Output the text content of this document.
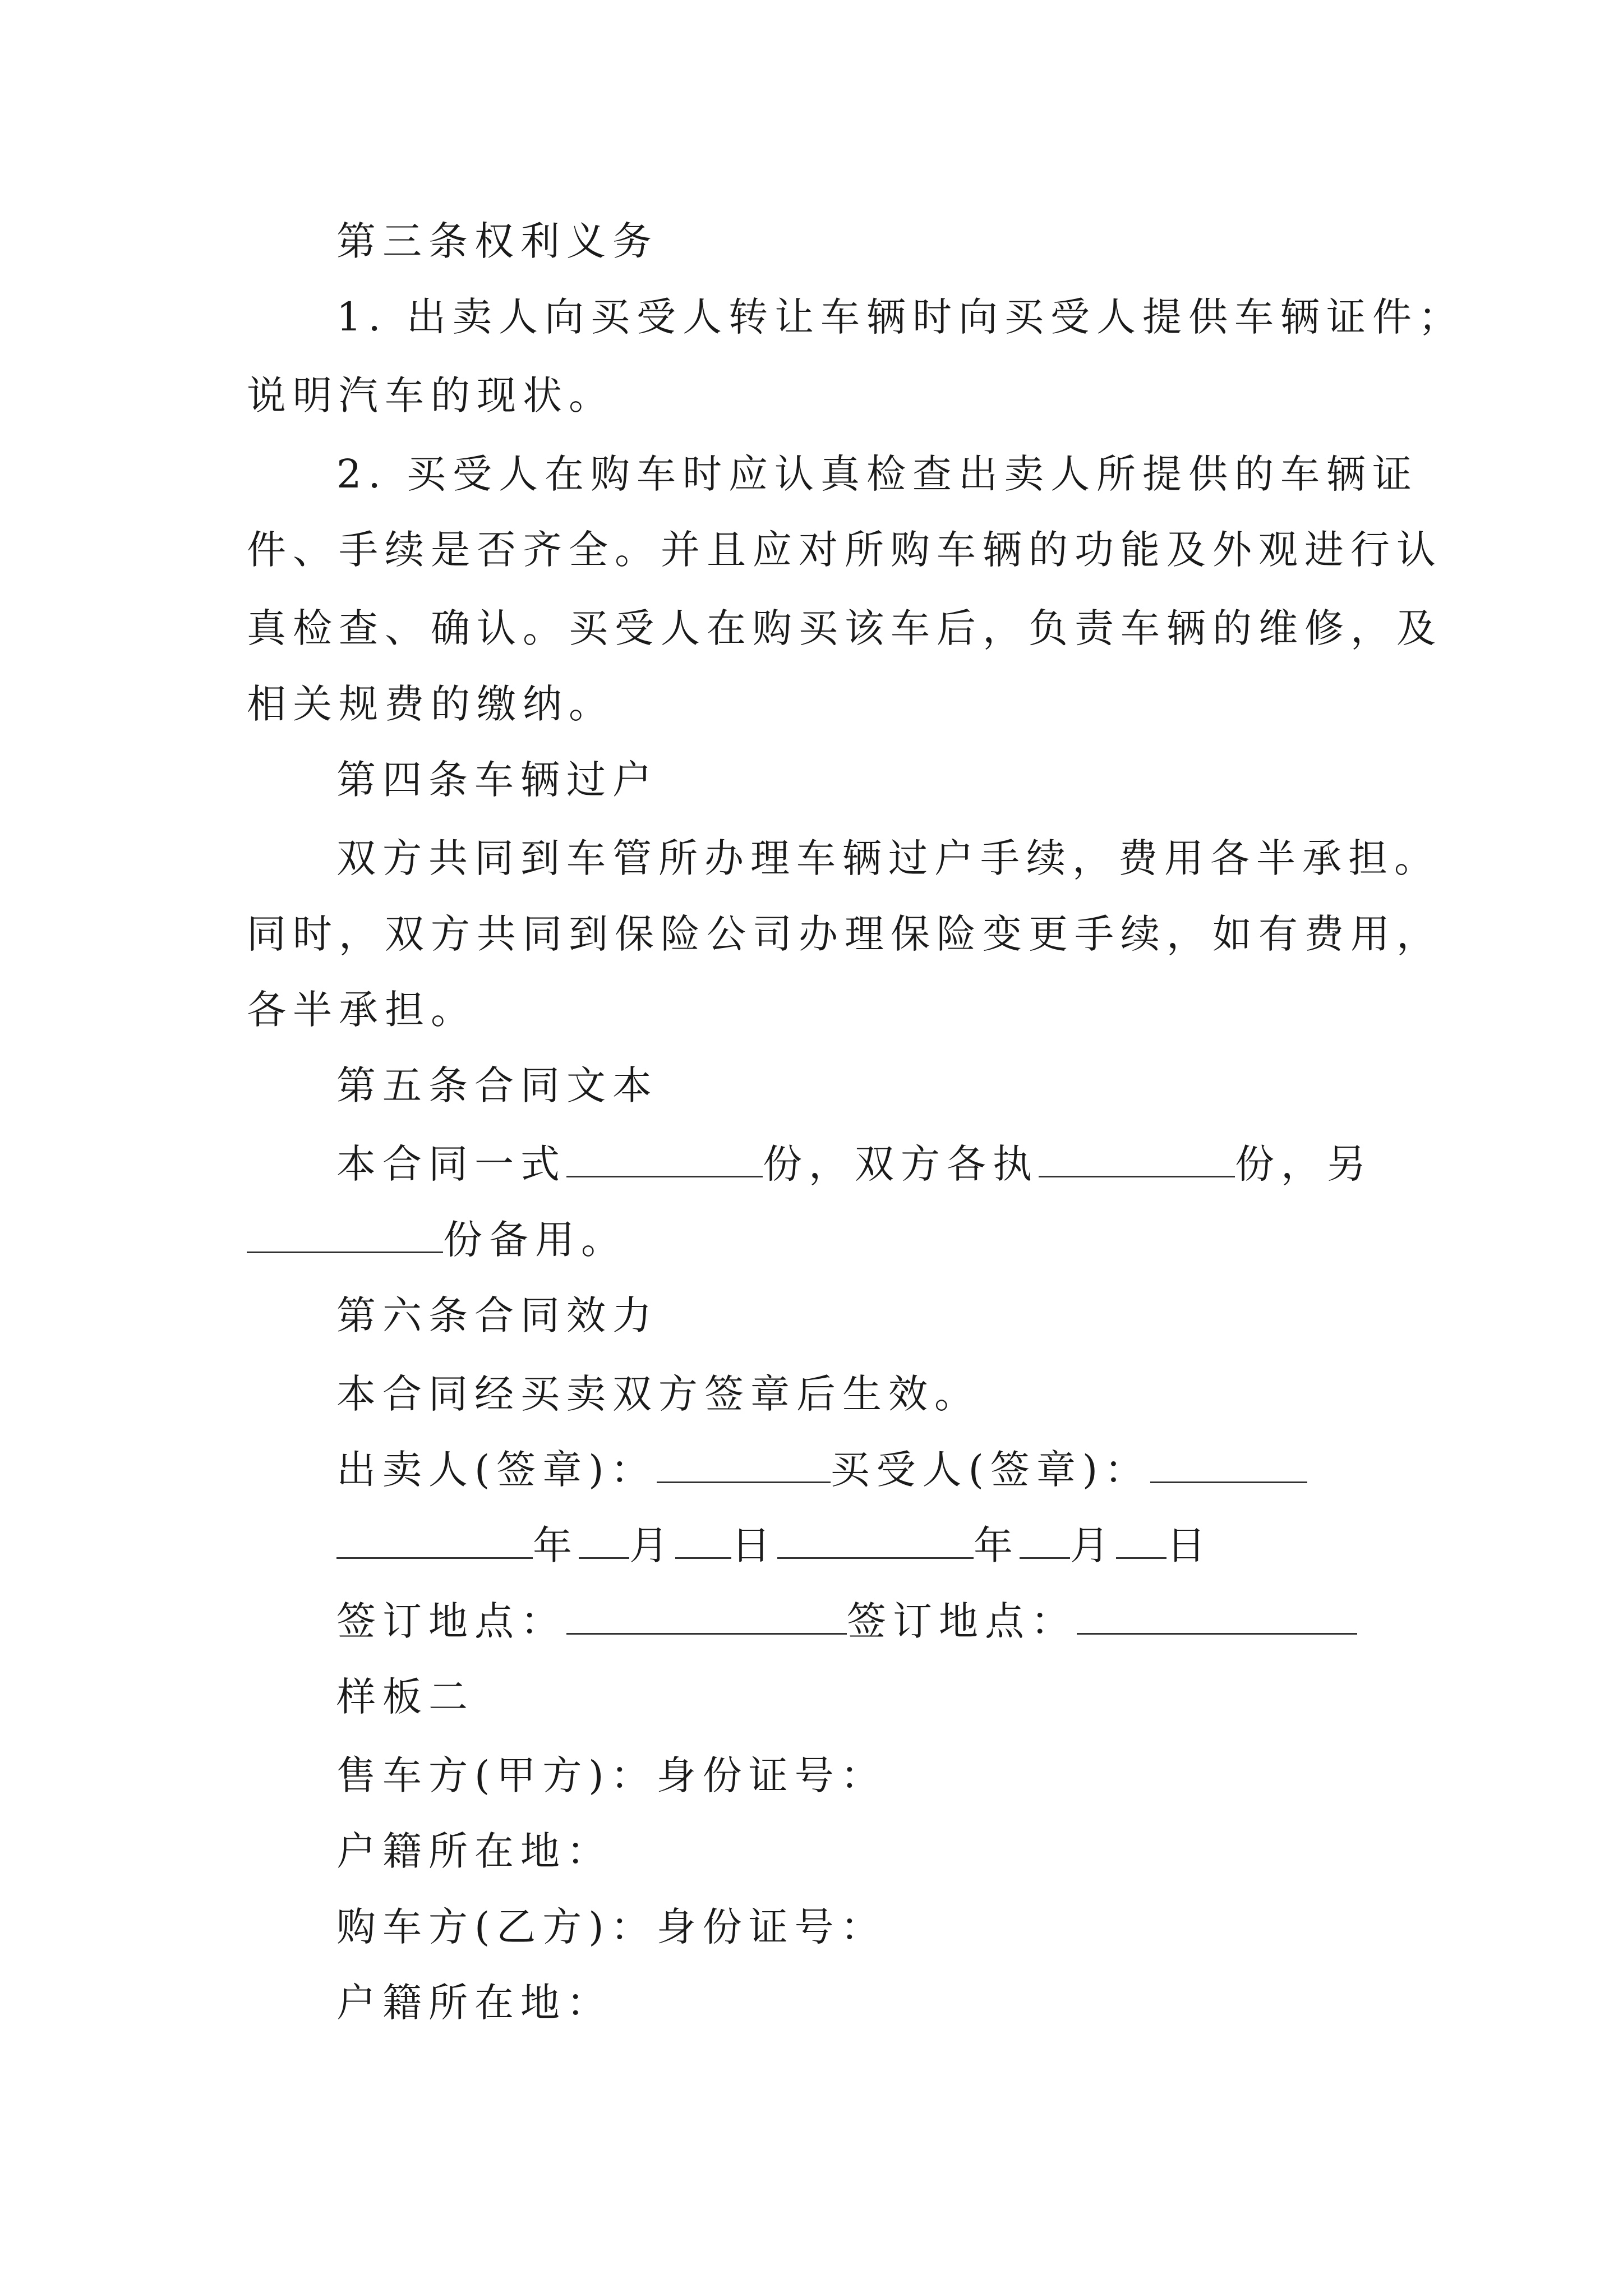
第三条权利义务
1. 出卖人向买受人转让车辆时向买受人提供车辆证件；
说明汽车的现状。
2. 买受人在购车时应认真检查出卖人所提供的车辆证
件、手续是否齐全。并且应对所购车辆的功能及外观进行认
真检查、确认。买受人在购买该车后，负责车辆的维修，及
相关规费的缴纳。
第四条车辆过户
双方共同到车管所办理车辆过户手续，费用各半承担。
同时，双方共同到保险公司办理保险变更手续，如有费用，
各半承担。
第五条合同文本
本合同一式	份，双方各执	份，另
份备用。
第六条合同效力
本合同经买卖双方签章后生效。
出卖人(签章)：	买受人(签章)：
年 月 日	年 月 日
签订地点：	签订地点：
样板二
售车方(甲方)：身份证号：
户籍所在地：
购车方(乙方)：身份证号：
户籍所在地：
